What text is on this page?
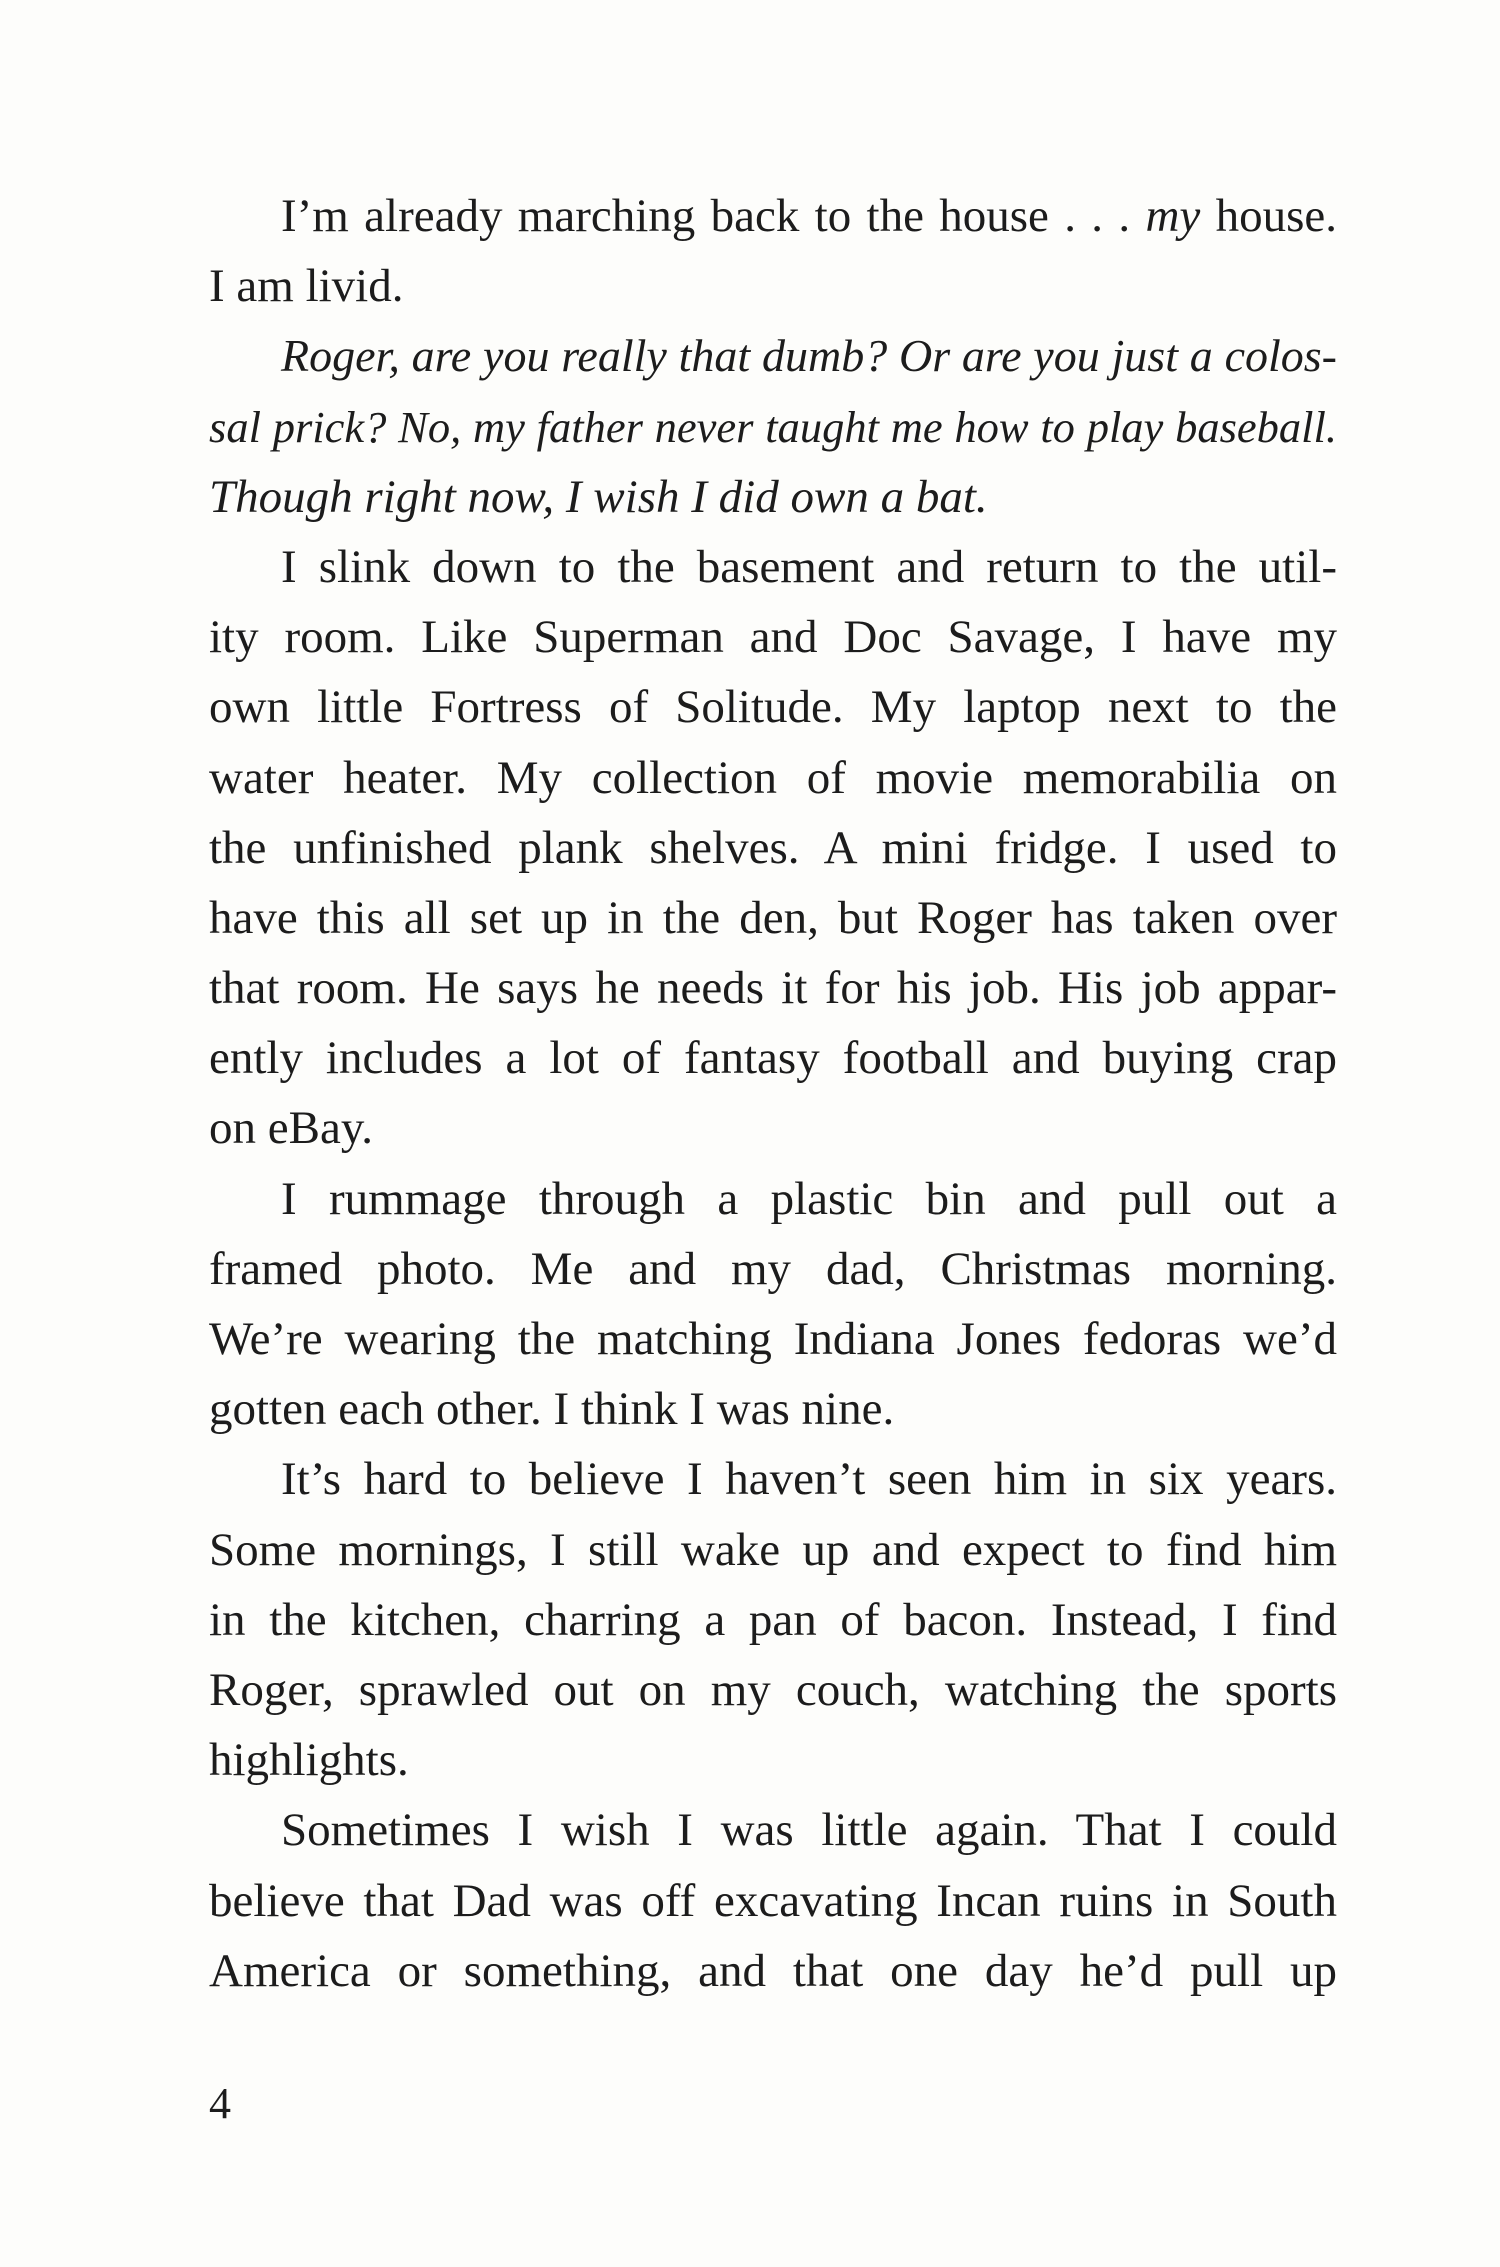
I’m already marching back to the house . . . my house.
I am livid.
Roger, are you really that dumb? Or are you just a colos-
sal prick? No, my father never taught me how to play baseball.
Though right now, I wish I did own a bat.
I slink down to the basement and return to the util-
ity room. Like Superman and Doc Savage, I have my
own little Fortress of Solitude. My laptop next to the
water heater. My collection of movie memorabilia on
the unfinished plank shelves. A mini fridge. I used to
have this all set up in the den, but Roger has taken over
that room. He says he needs it for his job. His job appar-
ently includes a lot of fantasy football and buying crap
on eBay.
I rummage through a plastic bin and pull out a
framed photo. Me and my dad, Christmas morning.
We’re wearing the matching Indiana Jones fedoras we’d
gotten each other. I think I was nine.
It’s hard to believe I haven’t seen him in six years.
Some mornings, I still wake up and expect to find him
in the kitchen, charring a pan of bacon. Instead, I find
Roger, sprawled out on my couch, watching the sports
highlights.
Sometimes I wish I was little again. That I could
believe that Dad was off excavating Incan ruins in South
America or something, and that one day he’d pull up
4
